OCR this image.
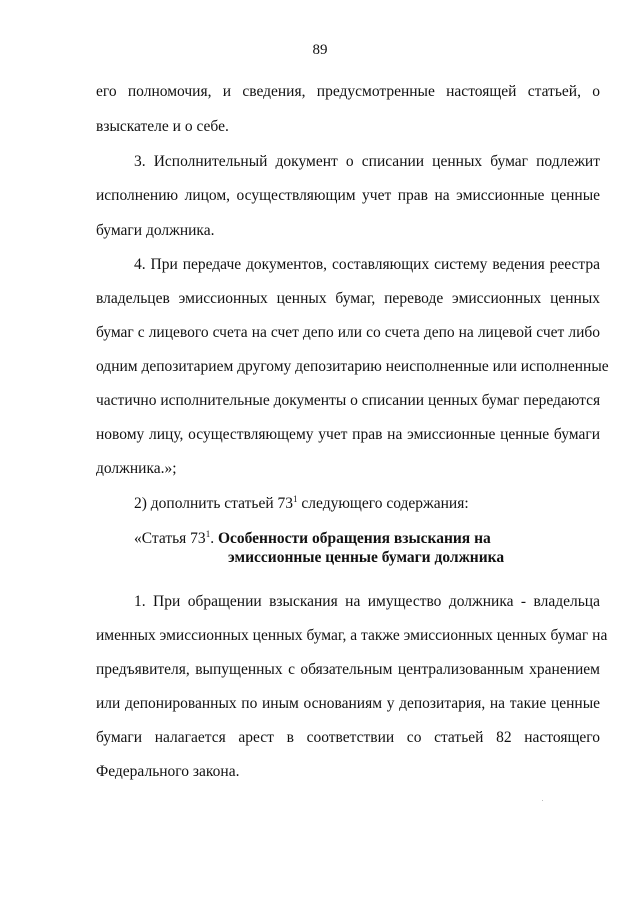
89
его полномочия, и сведения, предусмотренные настоящей статьей, о
взыскателе и о себе.
3. Исполнительный документ о списании ценных бумаг подлежит
исполнению лицом, осуществляющим учет прав на эмиссионные ценные
бумаги должника.
4. При передаче документов, составляющих систему ведения реестра
владельцев эмиссионных ценных бумаг, переводе эмиссионных ценных
бумаг с лицевого счета на счет депо или со счета депо на лицевой счет либо
одним депозитарием другому депозитарию неисполненные или исполненные
частично исполнительные документы о списании ценных бумаг передаются
новому лицу, осуществляющему учет прав на эмиссионные ценные бумаги
должника.»;
2) дополнить статьей $73^1$ следующего содержания:
«Статья $73^1$. Особенности обращения взыскания на
эмиссионные ценные бумаги должника
1. При обращении взыскания на имущество должника - владельца
именных эмиссионных ценных бумаг, а также эмиссионных ценных бумаг на
предъявителя, выпущенных с обязательным централизованным хранением
или депонированных по иным основаниям у депозитария, на такие ценные
бумаги налагается арест в соответствии со статьей 82 настоящего
Федерального закона.
